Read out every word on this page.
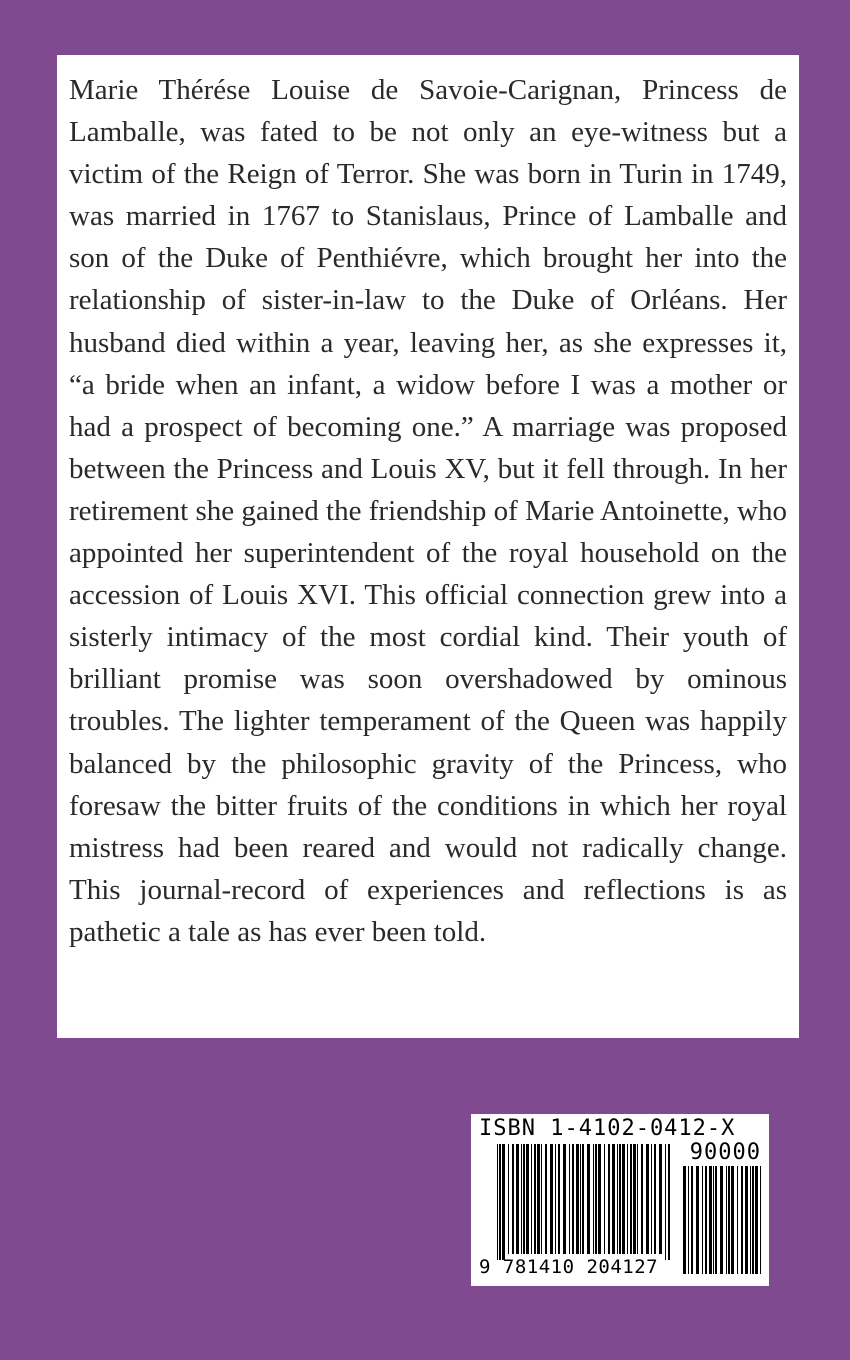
Marie Thérése Louise de Savoie-Carignan, Princess de Lamballe, was fated to be not only an eye-witness but a victim of the Reign of Terror. She was born in Turin in 1749, was married in 1767 to Stanislaus, Prince of Lamballe and son of the Duke of Penthiévre, which brought her into the relationship of sister-in-law to the Duke of Orléans. Her husband died within a year, leaving her, as she expresses it, “a bride when an infant, a widow before I was a mother or had a prospect of becoming one.” A marriage was proposed between the Princess and Louis XV, but it fell through. In her retirement she gained the friendship of Marie Antoinette, who appointed her superintendent of the royal household on the accession of Louis XVI. This official connection grew into a sisterly intimacy of the most cordial kind. Their youth of brilliant promise was soon overshadowed by ominous troubles. The lighter temperament of the Queen was happily balanced by the philosophic gravity of the Princess, who foresaw the bitter fruits of the conditions in which her royal mistress had been reared and would not radically change. This journal-record of experiences and reflections is as pathetic a tale as has ever been told.

ISBN 1-4102-0412-X
90000
9 781410 204127
